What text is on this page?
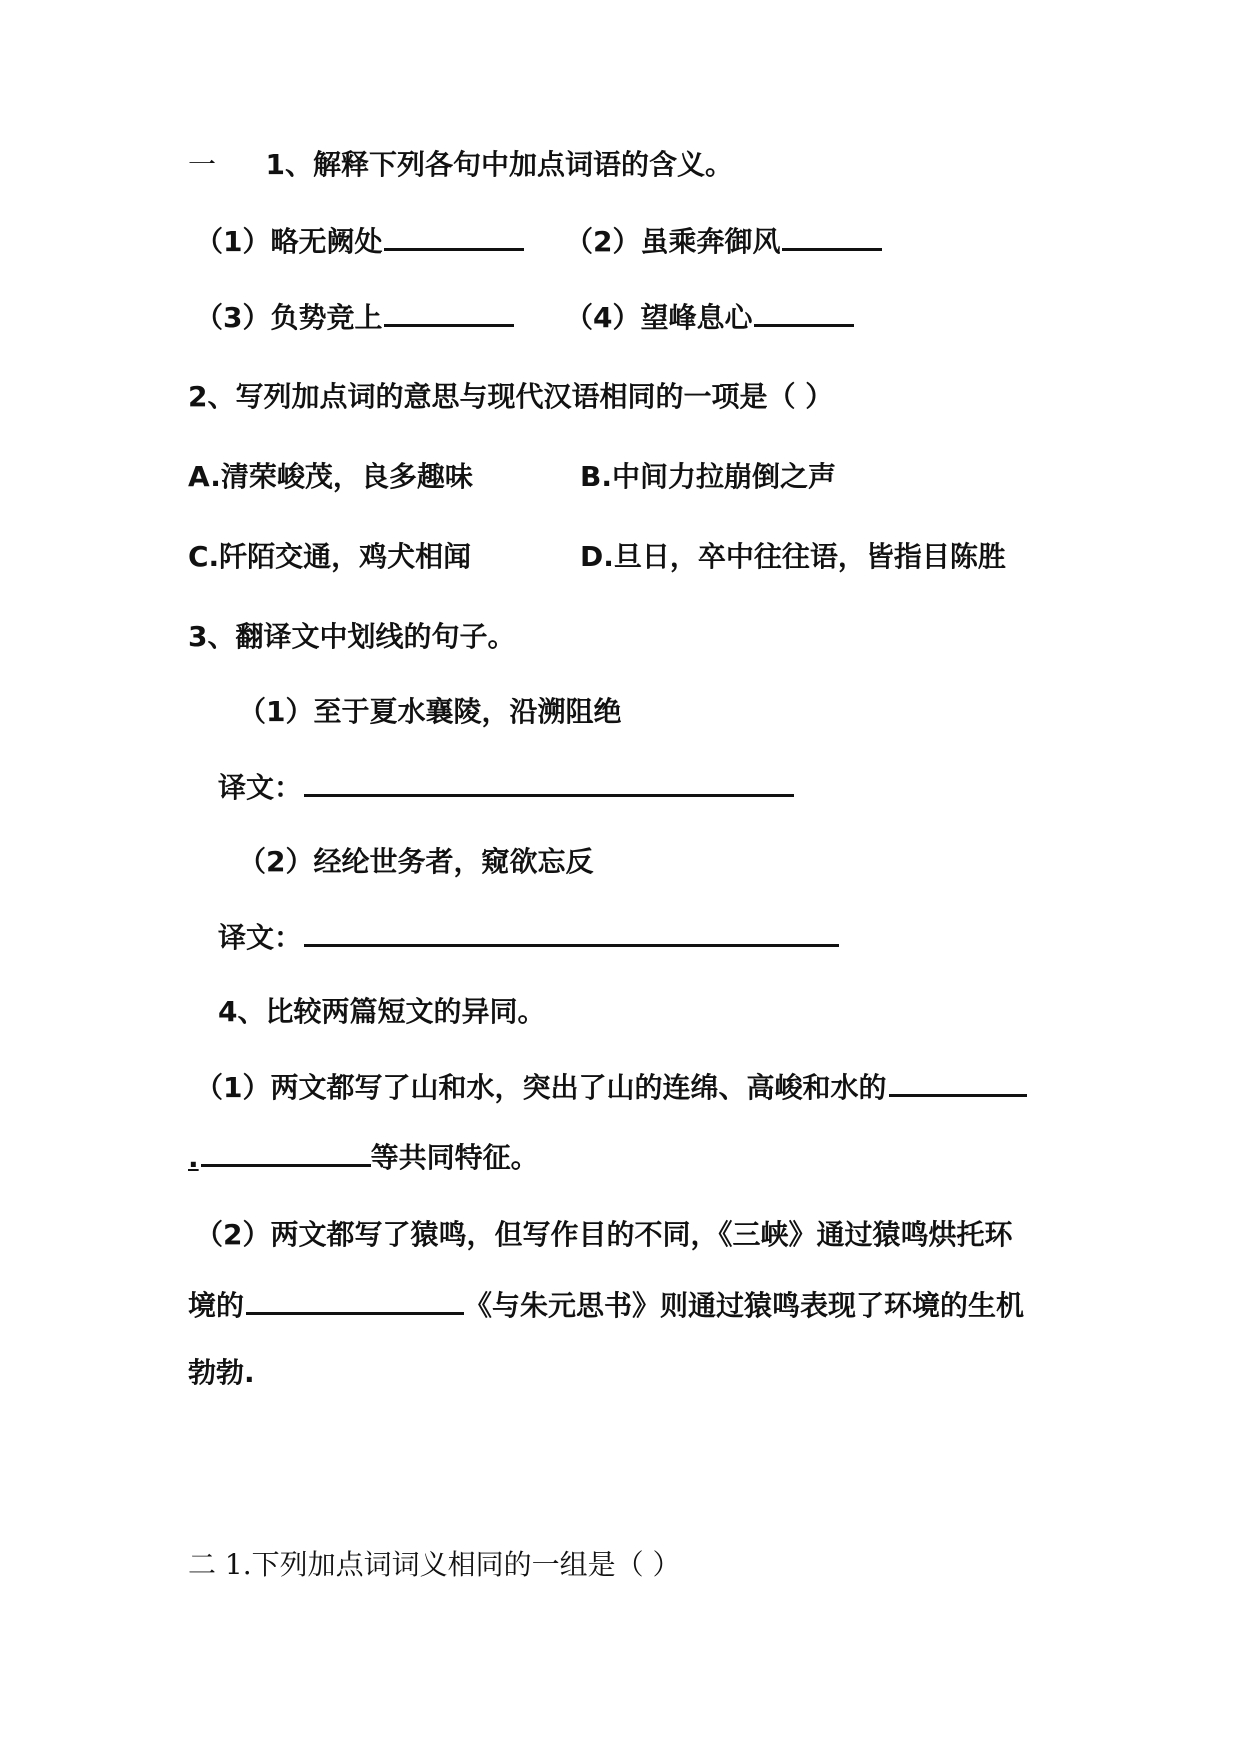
一 1、解释下列各句中加点词语的含义。
（1）略无阙处	（2）虽乘奔御风
（3）负势竞上	（4）望峰息心
2、写列加点词的意思与现代汉语相同的一项是（ ）
A.清荣峻茂，良多趣味	B.中间力拉崩倒之声
C.阡陌交通，鸡犬相闻	D.旦日，卒中往往语，皆指目陈胜
3、翻译文中划线的句子。
（1）至于夏水襄陵，沿溯阻绝
译文：
（2）经纶世务者，窥欲忘反
译文：
4、比较两篇短文的异同。
（1）两文都写了山和水，突出了山的连绵、高峻和水的
.	等共同特征。
（2）两文都写了猿鸣，但写作目的不同，《三峡》通过猿鸣烘托环
境的	《与朱元思书》则通过猿鸣表现了环境的生机
勃勃.
二 1.下列加点词词义相同的一组是（ ）
